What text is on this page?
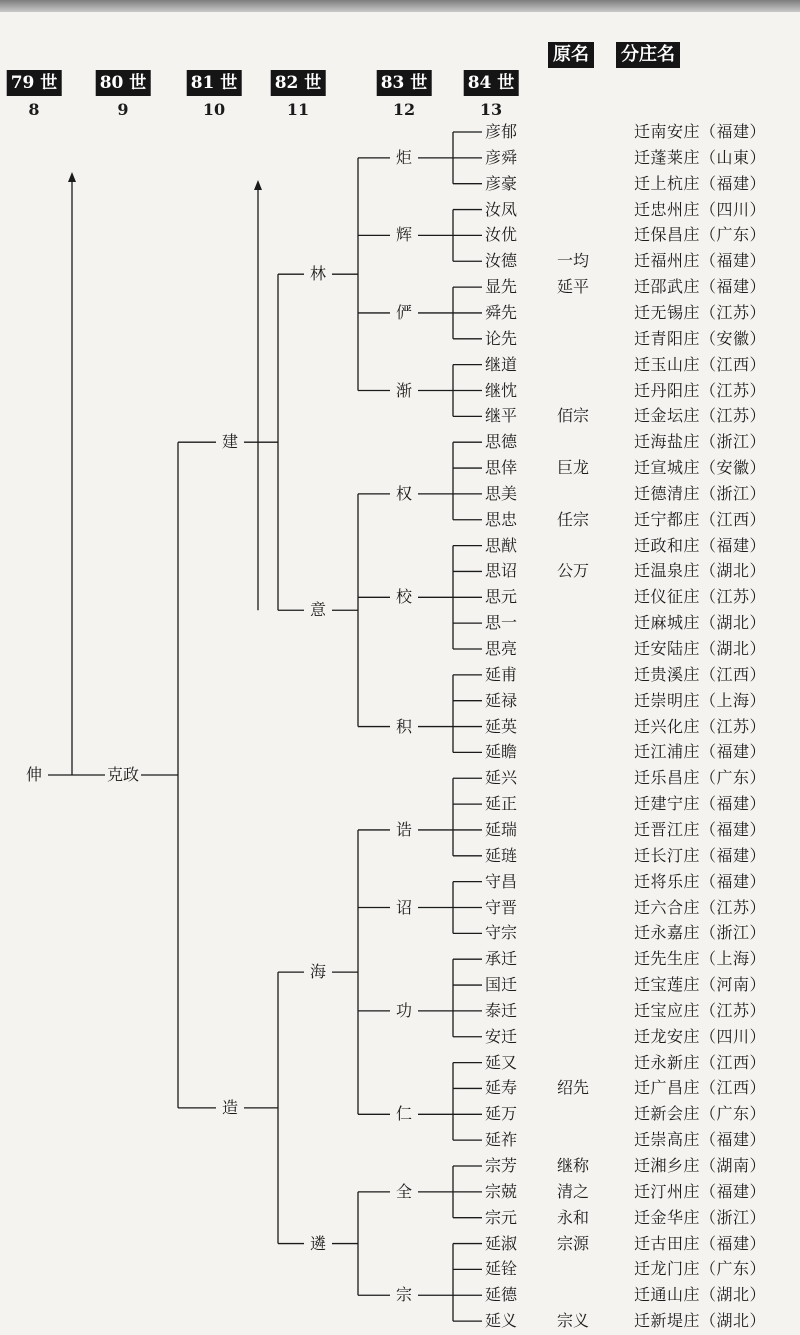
79 世
8
80 世
9
81 世
10
82 世
11
83 世
12
84 世
13
原名 分庄名
伸	克政
建
林
炬
彦郁
彦舜
彦豪
辉
汝凤
汝优
汝德
俨
显先
舜先
论先
渐
继道
继忱
继平
意
权
思德
思倖
思美
思忠
校
思猷
思诏
思元
思一
思亮
积
延甫
延禄
延英
延瞻
造
海
诰
延兴
延正
延瑞
延琏
诏
守昌
守晋
守宗
功
承迁
国迁
泰迁
安迁
仁
延又
延寿
延万
延祚
遴
全
宗芳
宗兢
宗元
宗
延淑
延铨
延德
延义
一均
延平
佰宗
巨龙
任宗
公万
绍先
继称
清之
永和
宗源
宗义
迁南安庄（福建）
迁蓬莱庄（山東）
迁上杭庄（福建）
迁忠州庄（四川）
迁保昌庄（广东）
迁福州庄（福建）
迁邵武庄（福建）
迁无锡庄（江苏）
迁青阳庄（安徽）
迁玉山庄（江西）
迁丹阳庄（江苏）
迁金坛庄（江苏）
迁海盐庄（浙江）
迁宣城庄（安徽）
迁德清庄（浙江）
迁宁都庄（江西）
迁政和庄（福建）
迁温泉庄（湖北）
迁仪征庄（江苏）
迁麻城庄（湖北）
迁安陆庄（湖北）
迁贵溪庄（江西）
迁崇明庄（上海）
迁兴化庄（江苏）
迁江浦庄（福建）
迁乐昌庄（广东）
迁建宁庄（福建）
迁晋江庄（福建）
迁长汀庄（福建）
迁将乐庄（福建）
迁六合庄（江苏）
迁永嘉庄（浙江）
迁先生庄（上海）
迁宝莲庄（河南）
迁宝应庄（江苏）
迁龙安庄（四川）
迁永新庄（江西）
迁广昌庄（江西）
迁新会庄（广东）
迁崇高庄（福建）
迁湘乡庄（湖南）
迁汀州庄（福建）
迁金华庄（浙江）
迁古田庄（福建）
迁龙门庄（广东）
迁通山庄（湖北）
迁新堤庄（湖北）
